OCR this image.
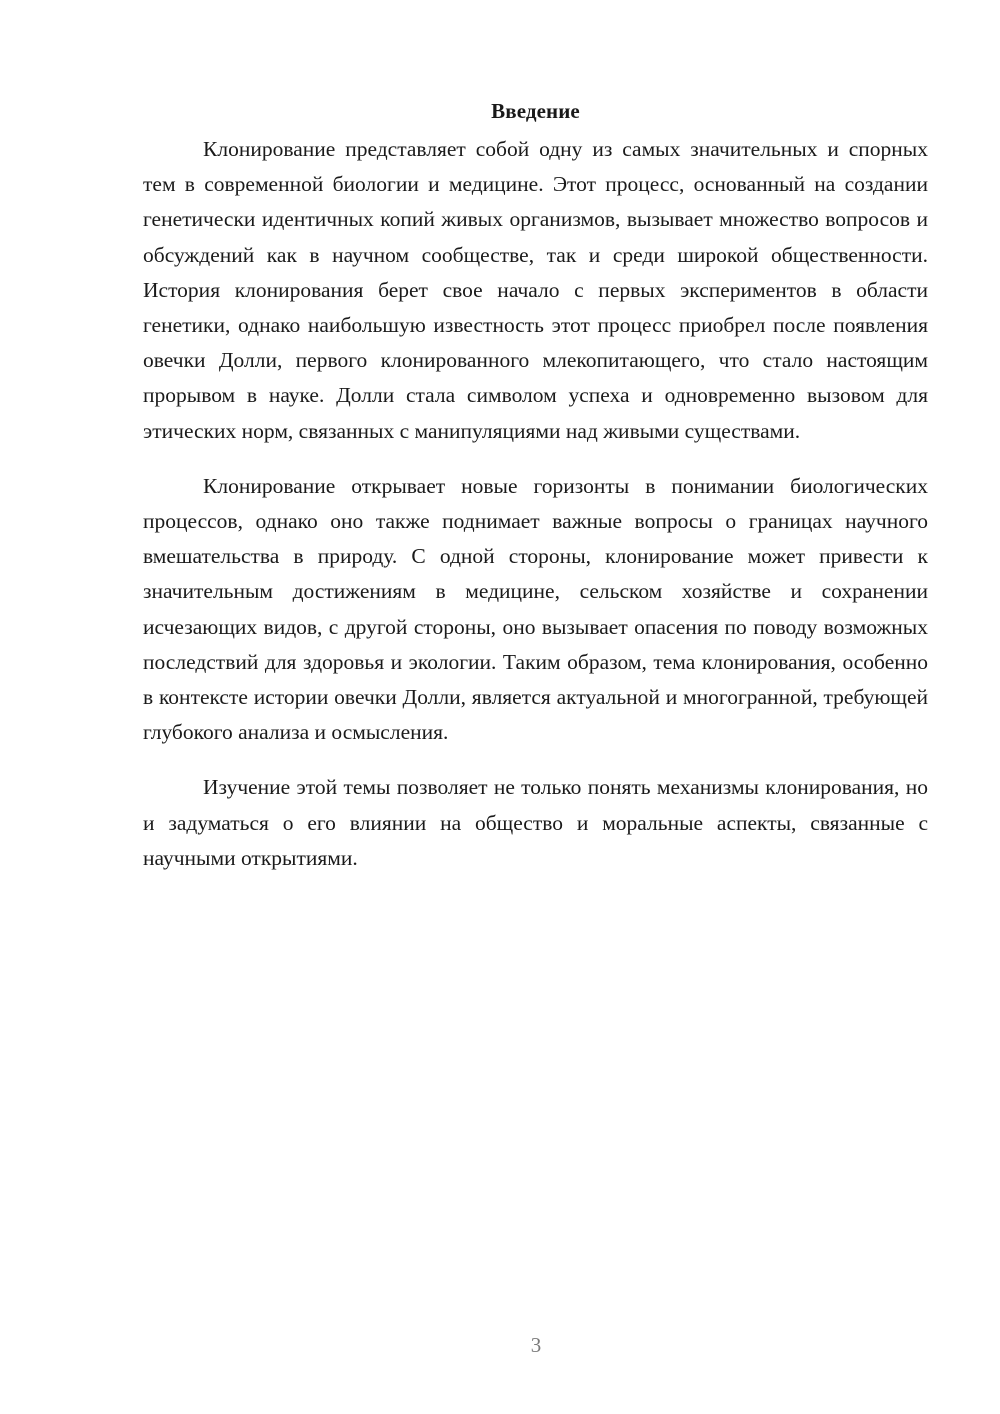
Введение

Клонирование представляет собой одну из самых значительных и спорных тем в современной биологии и медицине. Этот процесс, основанный на создании генетически идентичных копий живых организмов, вызывает множество вопросов и обсуждений как в научном сообществе, так и среди широкой общественности. История клонирования берет свое начало с первых экспериментов в области генетики, однако наибольшую известность этот процесс приобрел после появления овечки Долли, первого клонированного млекопитающего, что стало настоящим прорывом в науке. Долли стала символом успеха и одновременно вызовом для этических норм, связанных с манипуляциями над живыми существами.

Клонирование открывает новые горизонты в понимании биологических процессов, однако оно также поднимает важные вопросы о границах научного вмешательства в природу. С одной стороны, клонирование может привести к значительным достижениям в медицине, сельском хозяйстве и сохранении исчезающих видов, с другой стороны, оно вызывает опасения по поводу возможных последствий для здоровья и экологии. Таким образом, тема клонирования, особенно в контексте истории овечки Долли, является актуальной и многогранной, требующей глубокого анализа и осмысления.

Изучение этой темы позволяет не только понять механизмы клонирования, но и задуматься о его влиянии на общество и моральные аспекты, связанные с научными открытиями.

3
